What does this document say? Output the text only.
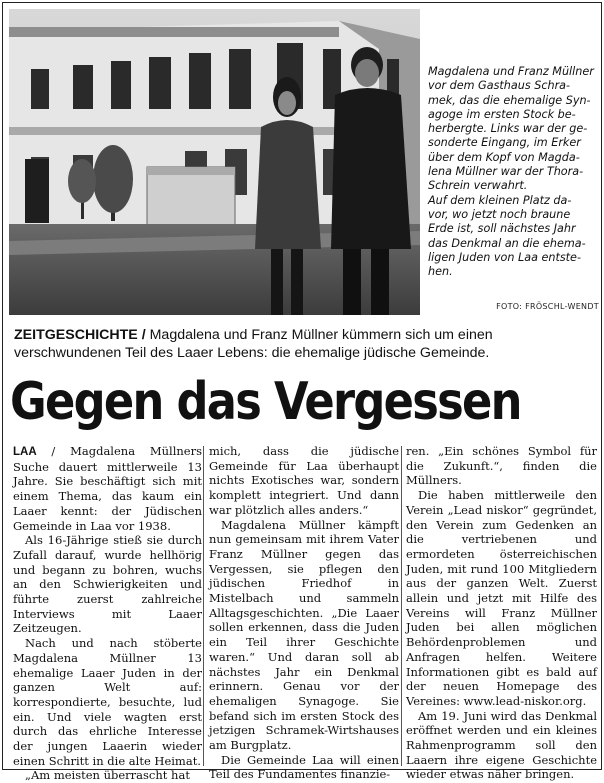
Magdalena und Franz Müllner
vor dem Gasthaus Schra-
mek, das die ehemalige Syn-
agoge im ersten Stock be-
herbergte. Links war der ge-
sonderte Eingang, im Erker
über dem Kopf von Magda-
lena Müllner war der Thora-
Schrein verwahrt.
Auf dem kleinen Platz da-
vor, wo jetzt noch braune
Erde ist, soll nächstes Jahr
das Denkmal an die ehema-
ligen Juden von Laa entste-
hen.
FOTO: FRÖSCHL-WENDT
ZEITGESCHICHTE / Magdalena und Franz Müllner kümmern sich um einen verschwundenen Teil des Laaer Lebens: die ehemalige jüdische Gemeinde.
Gegen das Vergessen

LAA / Magdalena Müllners Suche dauert mittlerweile 13 Jahre. Sie beschäftigt sich mit einem Thema, das kaum ein Laaer kennt: der Jüdischen Gemeinde in Laa vor 1938.

Als 16-Jährige stieß sie durch Zufall darauf, wurde hellhörig und begann zu bohren, wuchs an den Schwierigkeiten und führte zuerst zahlreiche Interviews mit Laaer Zeitzeugen.

Nach und nach stöberte Magdalena Müllner 13 ehemalige Laaer Juden in der ganzen Welt auf: korrespondierte, besuchte, lud ein. Und viele wagten erst durch das ehrliche Interesse der jungen Laaerin wieder einen Schritt in die alte Heimat.

„Am meisten überrascht hat

mich, dass die jüdische Gemeinde für Laa überhaupt nichts Exotisches war, sondern komplett integriert. Und dann war plötzlich alles anders.“

Magdalena Müllner kämpft nun gemeinsam mit ihrem Vater Franz Müllner gegen das Vergessen, sie pflegen den jüdischen Friedhof in Mistelbach und sammeln Alltagsgeschichten. „Die Laaer sollen erkennen, dass die Juden ein Teil ihrer Geschichte waren.“ Und daran soll ab nächstes Jahr ein Denkmal erinnern. Genau vor der ehemaligen Synagoge. Sie befand sich im ersten Stock des jetzigen Schramek-Wirtshauses am Burgplatz.

Die Gemeinde Laa will einen Teil des Fundamentes finanzie-

ren. „Ein schönes Symbol für die Zukunft.“, finden die Müllners.

Die haben mittlerweile den Verein „Lead niskor“ gegründet, den Verein zum Gedenken an die vertriebenen und ermordeten österreichischen Juden, mit rund 100 Mitgliedern aus der ganzen Welt. Zuerst allein und jetzt mit Hilfe des Vereins will Franz Müllner Juden bei allen möglichen Behördenproblemen und Anfragen helfen. Weitere Informationen gibt es bald auf der neuen Homepage des Vereines: www.lead-niskor.org.

Am 19. Juni wird das Denkmal eröffnet werden und ein kleines Rahmenprogramm soll den Laaern ihre eigene Geschichte wieder etwas näher bringen.
